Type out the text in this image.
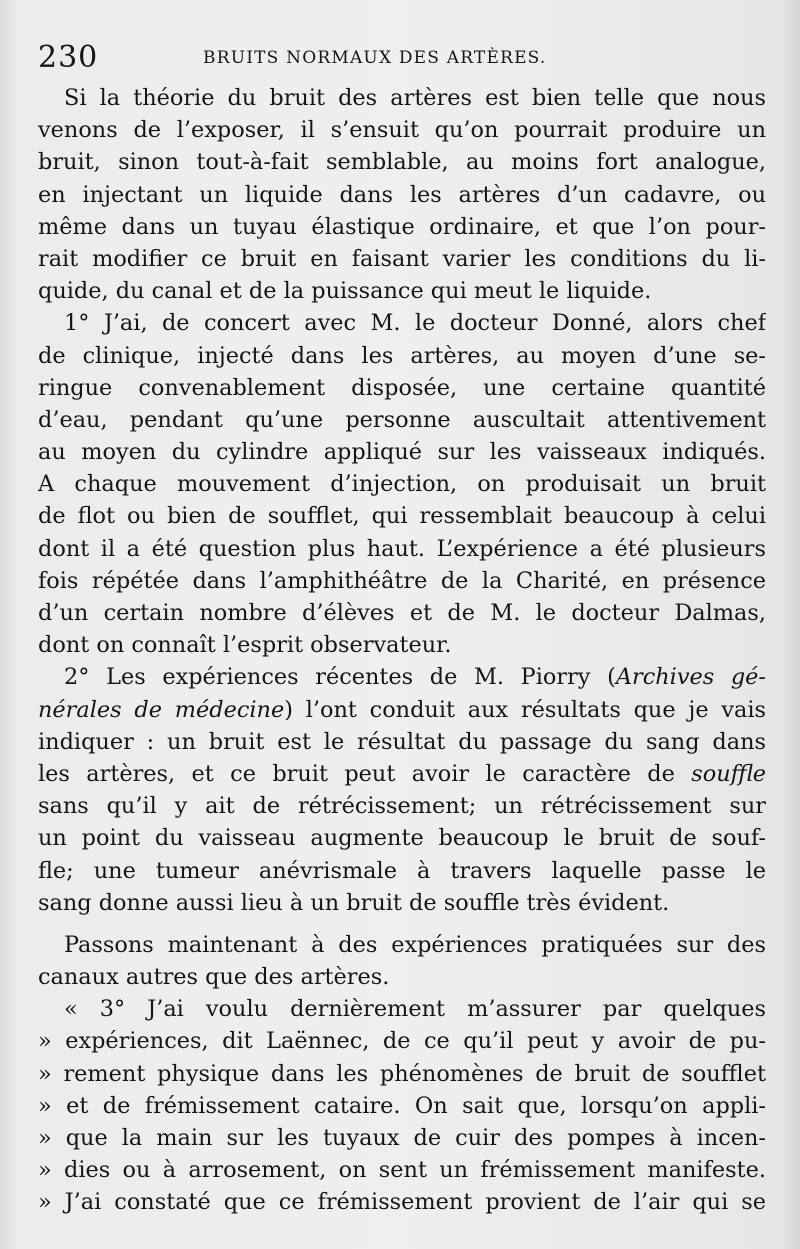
230	BRUITS NORMAUX DES ARTÈRES.
Si la théorie du bruit des artères est bien telle que nous
venons de l’exposer, il s’ensuit qu’on pourrait produire un
bruit, sinon tout-à-fait semblable, au moins fort analogue,
en injectant un liquide dans les artères d’un cadavre, ou
même dans un tuyau élastique ordinaire, et que l’on pour-
rait modifier ce bruit en faisant varier les conditions du li-
quide, du canal et de la puissance qui meut le liquide.
1° J’ai, de concert avec M. le docteur Donné, alors chef
de clinique, injecté dans les artères, au moyen d’une se-
ringue convenablement disposée, une certaine quantité
d’eau, pendant qu’une personne auscultait attentivement
au moyen du cylindre appliqué sur les vaisseaux indiqués.
A chaque mouvement d’injection, on produisait un bruit
de flot ou bien de soufflet, qui ressemblait beaucoup à celui
dont il a été question plus haut. L’expérience a été plusieurs
fois répétée dans l’amphithéâtre de la Charité, en présence
d’un certain nombre d’élèves et de M. le docteur Dalmas,
dont on connaît l’esprit observateur.
2° Les expériences récentes de M. Piorry (Archives gé-
nérales de médecine) l’ont conduit aux résultats que je vais
indiquer : un bruit est le résultat du passage du sang dans
les artères, et ce bruit peut avoir le caractère de souffle
sans qu’il y ait de rétrécissement; un rétrécissement sur
un point du vaisseau augmente beaucoup le bruit de souf-
fle; une tumeur anévrismale à travers laquelle passe le
sang donne aussi lieu à un bruit de souffle très évident.
Passons maintenant à des expériences pratiquées sur des
canaux autres que des artères.
« 3° J’ai voulu dernièrement m’assurer par quelques
» expériences, dit Laënnec, de ce qu’il peut y avoir de pu-
» rement physique dans les phénomènes de bruit de soufflet
» et de frémissement cataire. On sait que, lorsqu’on appli-
» que la main sur les tuyaux de cuir des pompes à incen-
» dies ou à arrosement, on sent un frémissement manifeste.
» J’ai constaté que ce frémissement provient de l’air qui se
